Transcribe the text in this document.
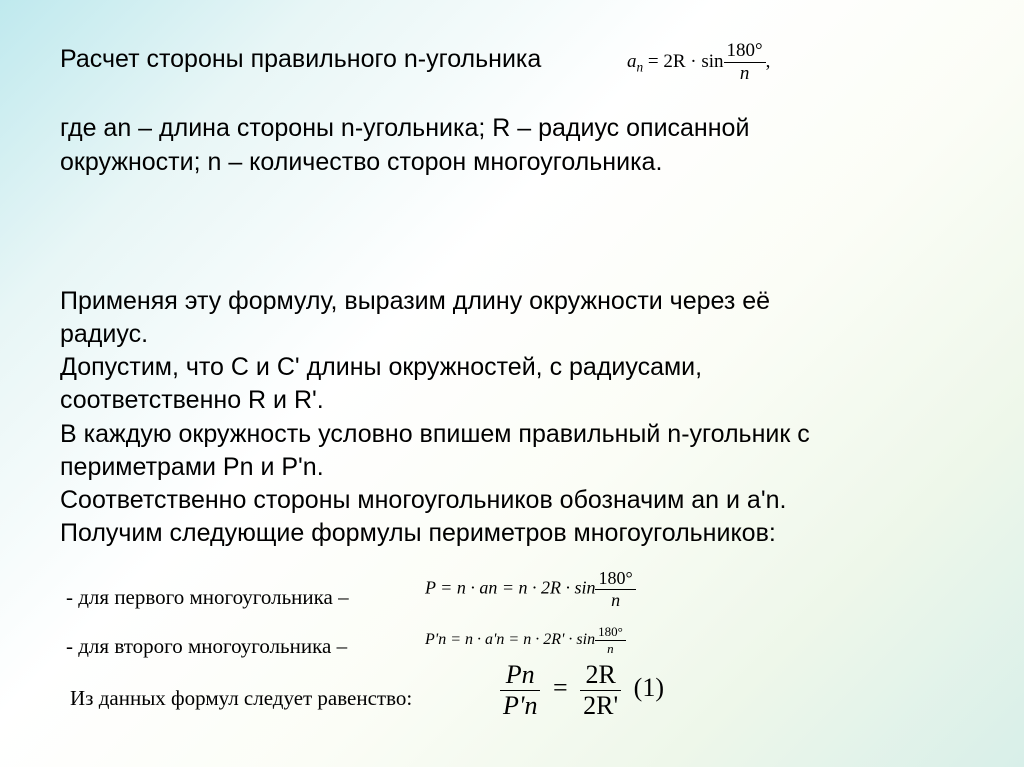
Расчет стороны правильного n-угольника	$a_n = 2R \cdot \sin \frac{180^\circ}{n}$ ,
где an – длина стороны n-угольника; R – радиус описанной
окружности; n – количество сторон многоугольника.
Применяя эту формулу, выразим длину окружности через её
радиус.
Допустим, что C и C' длины окружностей, с радиусами,
соответственно R и R'.
В каждую окружность условно впишем правильный n-угольник с
периметрами Pn и P'n.
Соответственно стороны многоугольников обозначим an и a'n.
Получим следующие формулы периметров многоугольников:
- для первого многоугольника –	P = n · an = $n \cdot 2R \cdot \sin \frac{180^\circ}{n}$
- для второго многоугольника –	$P'n = n \cdot a'n = n \cdot 2R' \cdot \sin \frac{180^\circ}{n}$
Из данных формул следует равенство:	$\frac{Pn}{P'n} = \frac{2R}{2R'} (1)$
